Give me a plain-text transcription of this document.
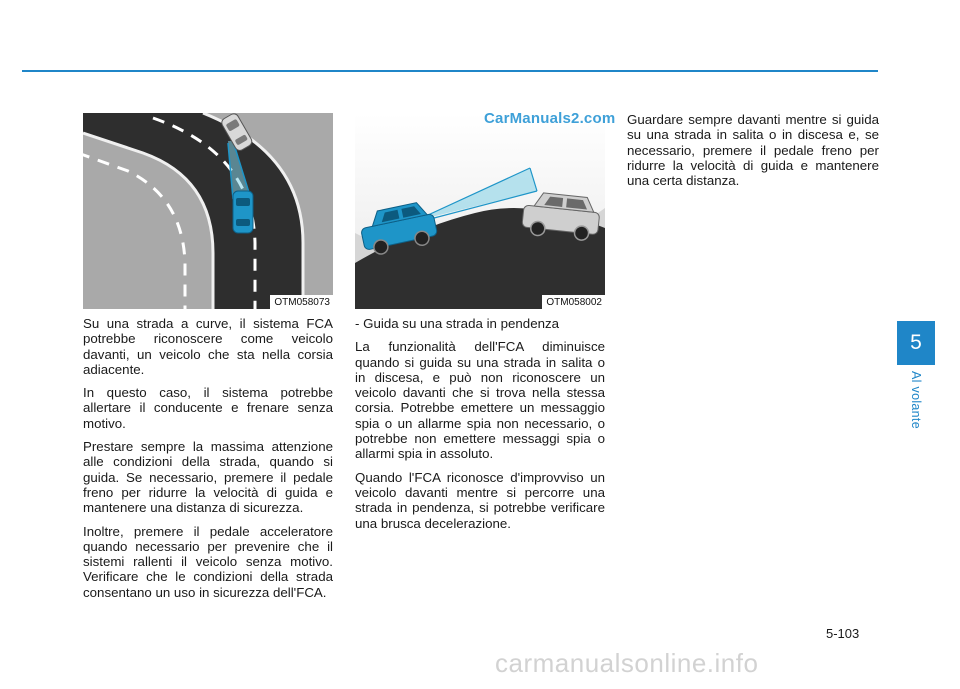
OTM058073	OTM058002
CarManuals2.com

Su una strada a curve, il sistema FCA potrebbe riconoscere come veicolo davanti, un veicolo che sta nella corsia adiacente.

In questo caso, il sistema potrebbe allertare il conducente e frenare senza motivo.

Prestare sempre la massima attenzione alle condizioni della strada, quando si guida. Se necessario, premere il pedale freno per ridurre la velocità di guida e mantenere una distanza di sicurezza.

Inoltre, premere il pedale acceleratore quando necessario per prevenire che il sistemi rallenti il veicolo senza motivo. Verificare che le condizioni della strada consentano un uso in sicurezza dell'FCA.

- Guida su una strada in pendenza

La funzionalità dell'FCA diminuisce quando si guida su una strada in salita o in discesa, e può non riconoscere un veicolo davanti che si trova nella stessa corsia. Potrebbe emettere un messaggio spia o un allarme spia non necessario, o potrebbe non emettere messaggi spia o allarmi spia in assoluto.

Quando l'FCA riconosce d'improvviso un veicolo davanti mentre si percorre una strada in pendenza, si potrebbe verificare una brusca decelerazione.

Guardare sempre davanti mentre si guida su una strada in salita o in discesa e, se necessario, premere il pedale freno per ridurre la velocità di guida e mantenere una certa distanza.

5
Al volante
5-103
carmanualsonline.info
